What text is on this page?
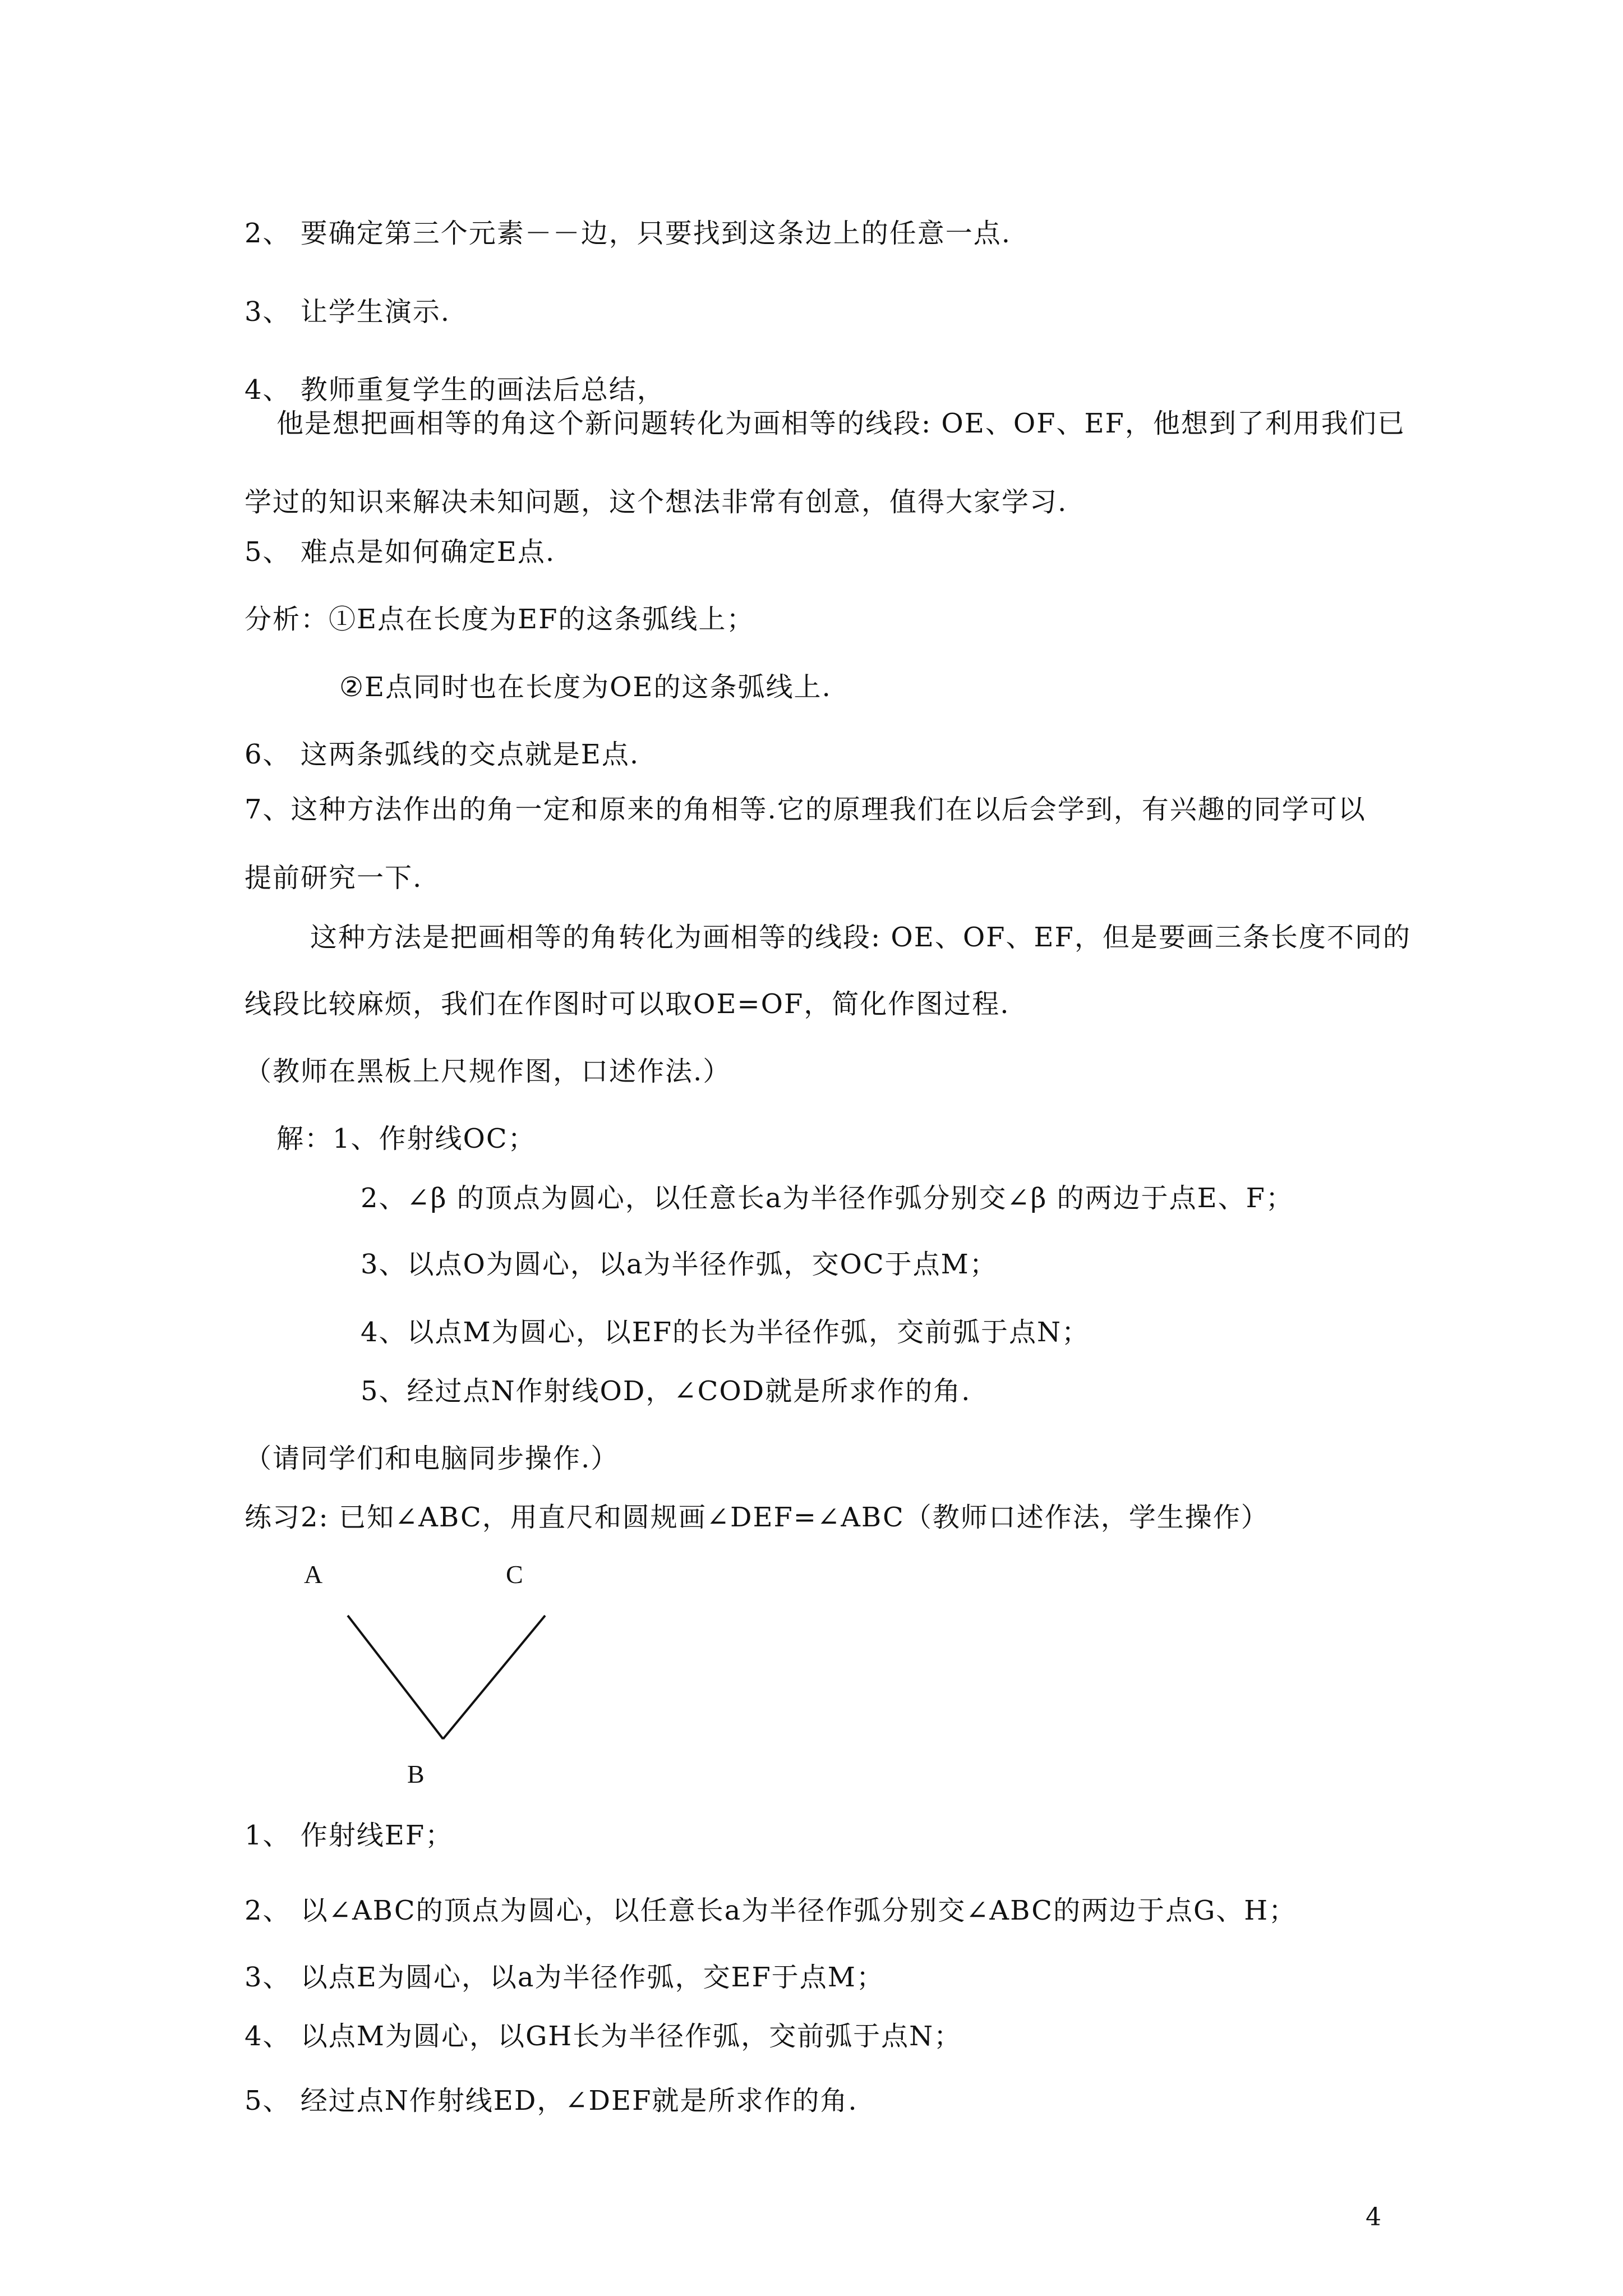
2、 要确定第三个元素－－边，只要找到这条边上的任意一点.
3、 让学生演示.
4、 教师重复学生的画法后总结，
他是想把画相等的角这个新问题转化为画相等的线段: OE、OF、EF，他想到了利用我们已
学过的知识来解决未知问题，这个想法非常有创意，值得大家学习.
5、 难点是如何确定E点.
分析：①E点在长度为EF的这条弧线上；
②E点同时也在长度为OE的这条弧线上.
6、 这两条弧线的交点就是E点.
7、这种方法作出的角一定和原来的角相等.它的原理我们在以后会学到，有兴趣的同学可以
提前研究一下.
这种方法是把画相等的角转化为画相等的线段: OE、OF、EF，但是要画三条长度不同的
线段比较麻烦，我们在作图时可以取OE=OF，简化作图过程.
（教师在黑板上尺规作图，口述作法.）
解：1、作射线OC；
2、∠β 的顶点为圆心，以任意长a为半径作弧分别交∠β 的两边于点E、F；
3、以点O为圆心，以a为半径作弧，交OC于点M；
4、以点M为圆心，以EF的长为半径作弧，交前弧于点N；
5、经过点N作射线OD，∠COD就是所求作的角.
（请同学们和电脑同步操作.）
练习2: 已知∠ABC，用直尺和圆规画∠DEF=∠ABC（教师口述作法，学生操作）
A	C
B
1、 作射线EF；
2、 以∠ABC的顶点为圆心，以任意长a为半径作弧分别交∠ABC的两边于点G、H；
3、 以点E为圆心，以a为半径作弧，交EF于点M；
4、 以点M为圆心，以GH长为半径作弧，交前弧于点N；
5、 经过点N作射线ED，∠DEF就是所求作的角.
4
